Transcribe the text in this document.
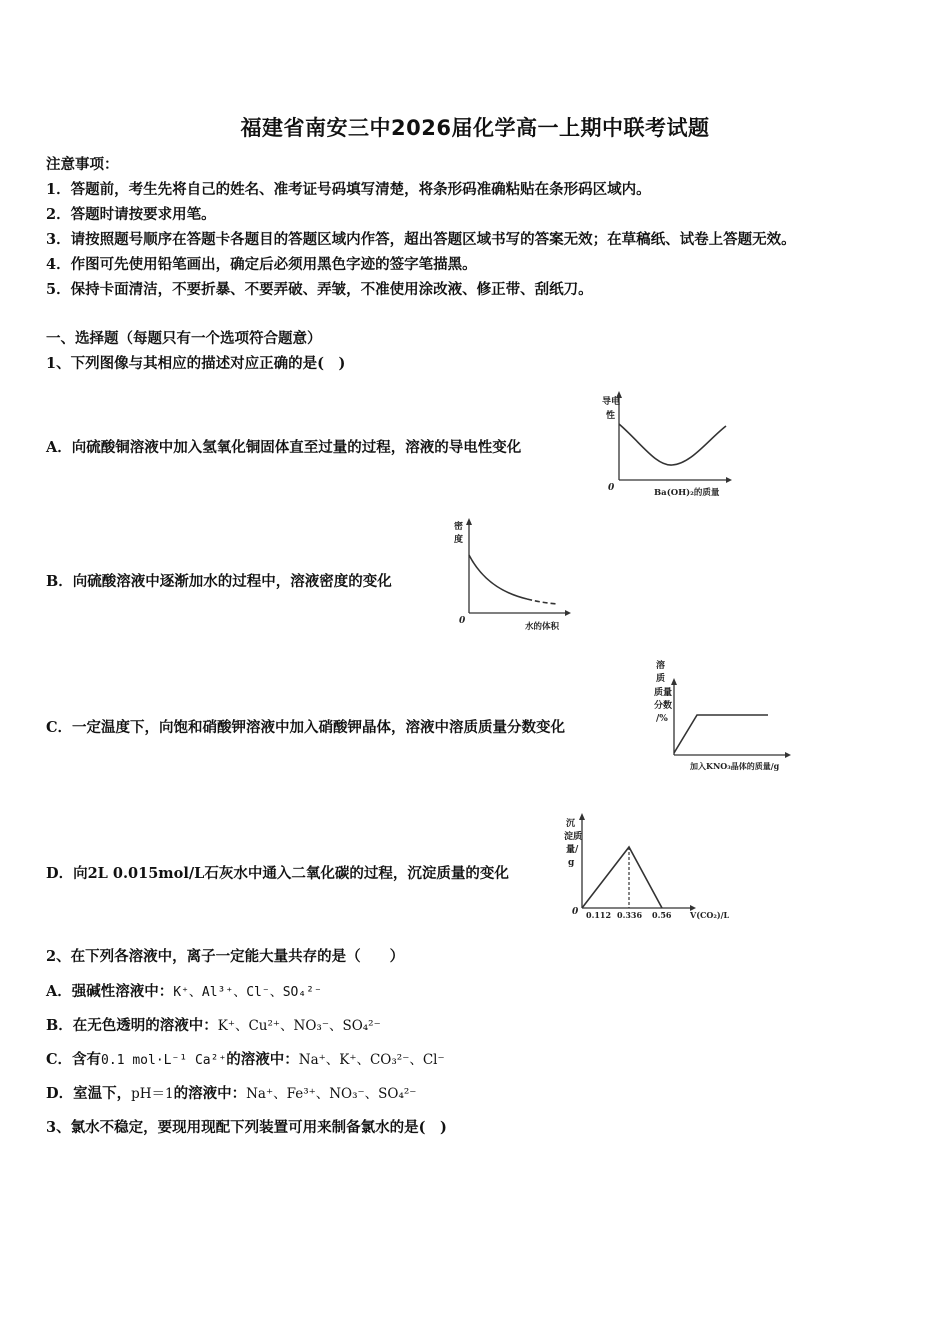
福建省南安三中2026届化学高一上期中联考试题
注意事项：
1．答题前，考生先将自己的姓名、准考证号码填写清楚，将条形码准确粘贴在条形码区域内。
2．答题时请按要求用笔。
3．请按照题号顺序在答题卡各题目的答题区域内作答，超出答题区域书写的答案无效；在草稿纸、试卷上答题无效。
4．作图可先使用铅笔画出，确定后必须用黑色字迹的签字笔描黑。
5．保持卡面清洁，不要折暴、不要弄破、弄皱，不准使用涂改液、修正带、刮纸刀。
一、选择题（每题只有一个选项符合题意）
1、下列图像与其相应的描述对应正确的是(　)
A．向硫酸铜溶液中加入氢氧化铜固体直至过量的过程，溶液的导电性变化
导电
性
0	Ba(OH)₂的质量
B．向硫酸溶液中逐渐加水的过程中，溶液密度的变化
密
度
0
水的体积
C．一定温度下，向饱和硝酸钾溶液中加入硝酸钾晶体，溶液中溶质质量分数变化
溶
质
质量
分数
/%
加入KNO₃晶体的质量/g
D．向2L 0.015mol/L石灰水中通入二氧化碳的过程，沉淀质量的变化
沉
淀质
量/
g
0 0.112 0.336 0.56 V(CO₂)/L
2、在下列各溶液中，离子一定能大量共存的是（　　）
A．强碱性溶液中：K⁺、Al³⁺、Cl⁻、SO₄²⁻
B．在无色透明的溶液中：K⁺、Cu²⁺、NO₃⁻、SO₄²⁻
C．含有0.1 mol·L⁻¹ Ca²⁺的溶液中：Na⁺、K⁺、CO₃²⁻、Cl⁻
D．室温下，pH＝1的溶液中：Na⁺、Fe³⁺、NO₃⁻、SO₄²⁻
3、氯水不稳定，要现用现配下列装置可用来制备氯水的是(　)
